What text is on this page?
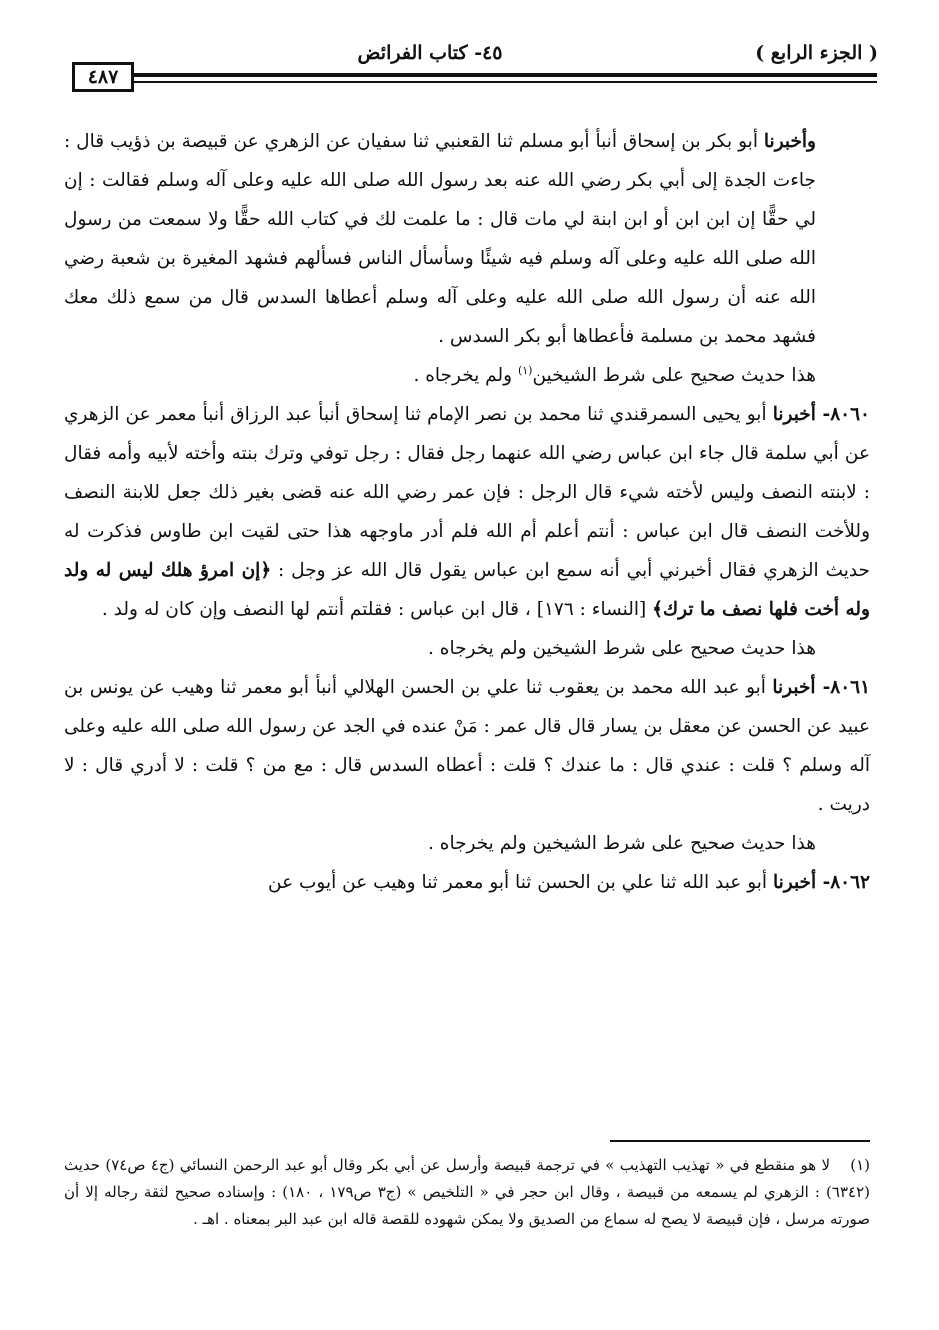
( الجزء الرابع )
٤٥- كتاب الفرائض
٤٨٧

وأخبرنا أبو بكر بن إسحاق أنبأ أبو مسلم ثنا القعنبي ثنا سفيان عن الزهري عن قبيصة بن ذؤيب قال : جاءت الجدة إلى أبي بكر رضي الله عنه بعد رسول الله صلى الله عليه وعلى آله وسلم فقالت : إن لي حقًّا إن ابن ابن أو ابن ابنة لي مات قال : ما علمت لك في كتاب الله حقًّا ولا سمعت من رسول الله صلى الله عليه وعلى آله وسلم فيه شيئًا وسأسأل الناس فسألهم فشهد المغيرة بن شعبة رضي الله عنه أن رسول الله صلى الله عليه وعلى آله وسلم أعطاها السدس قال من سمع ذلك معك فشهد محمد بن مسلمة فأعطاها أبو بكر السدس .

هذا حديث صحيح على شرط الشيخين$^{(١)}$ ولم يخرجاه .

٨٠٦٠- أخبرنا أبو يحيى السمرقندي ثنا محمد بن نصر الإمام ثنا إسحاق أنبأ عبد الرزاق أنبأ معمر عن الزهري عن أبي سلمة قال جاء ابن عباس رضي الله عنهما رجل فقال : رجل توفي وترك بنته وأخته لأبيه وأمه فقال : لابنته النصف وليس لأخته شيء قال الرجل : فإن عمر رضي الله عنه قضى بغير ذلك جعل للابنة النصف وللأخت النصف قال ابن عباس : أنتم أعلم أم الله فلم أدر ماوجهه هذا حتى لقيت ابن طاوس فذكرت له حديث الزهري فقال أخبرني أبي أنه سمع ابن عباس يقول قال الله عز وجل : ﴿إن امرؤ هلك ليس له ولد وله أخت فلها نصف ما ترك﴾ [النساء : ١٧٦] ، قال ابن عباس : فقلتم أنتم لها النصف وإن كان له ولد .

هذا حديث صحيح على شرط الشيخين ولم يخرجاه .

٨٠٦١- أخبرنا أبو عبد الله محمد بن يعقوب ثنا علي بن الحسن الهلالي أنبأ أبو معمر ثنا وهيب عن يونس بن عبيد عن الحسن عن معقل بن يسار قال قال عمر : مَنْ عنده في الجد عن رسول الله صلى الله عليه وعلى آله وسلم ؟ قلت : عندي قال : ما عندك ؟ قلت : أعطاه السدس قال : مع من ؟ قلت : لا أدري قال : لا دريت .

هذا حديث صحيح على شرط الشيخين ولم يخرجاه .

٨٠٦٢- أخبرنا أبو عبد الله ثنا علي بن الحسن ثنا أبو معمر ثنا وهيب عن أيوب عن

(١)لا هو منقطع في « تهذيب التهذيب » في ترجمة قبيصة وأرسل عن أبي بكر وقال أبو عبد الرحمن النسائي (ج٤ ص٧٤) حديث (٦٣٤٢) : الزهري لم يسمعه من قبيصة ، وقال ابن حجر في « التلخيص » (ج٣ ص١٧٩ ، ١٨٠) : وإسناده صحيح لثقة رجاله إلا أن صورته مرسل ، فإن قبيصة لا يصح له سماع من الصديق ولا يمكن شهوده للقصة قاله ابن عبد البر بمعناه . اهـ .
